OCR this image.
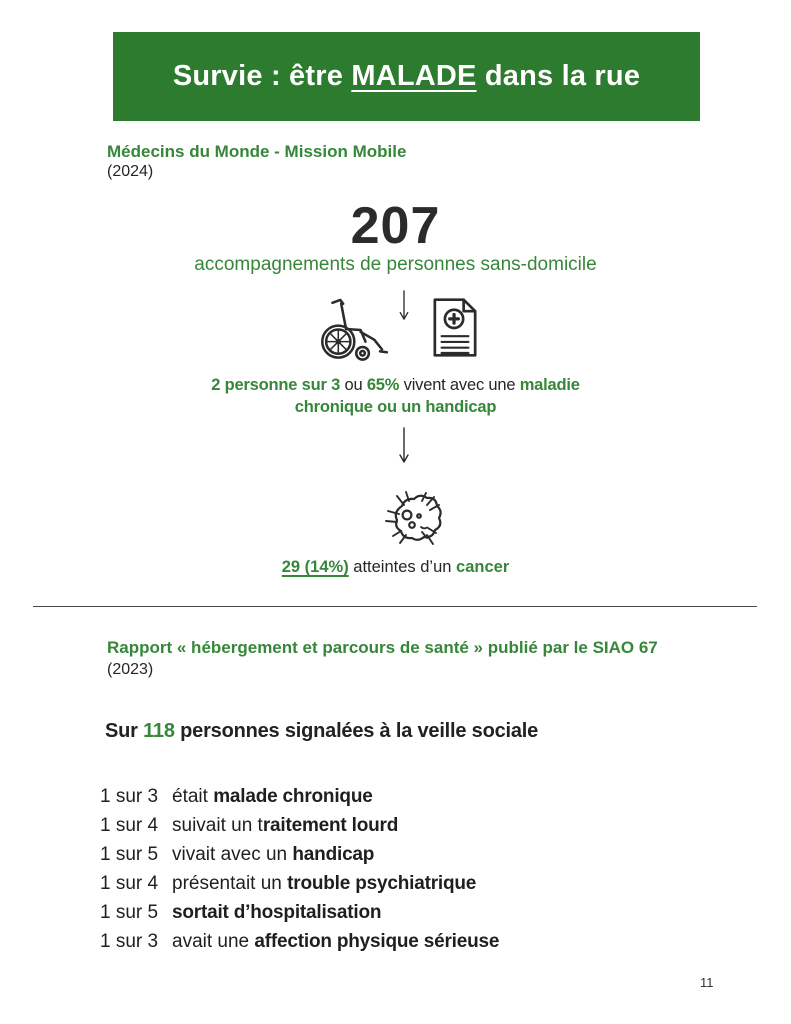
Survie : être MALADE dans la rue
Médecins du Monde - Mission Mobile
(2024)
207
accompagnements de personnes sans-domicile
2 personne sur 3 ou 65% vivent avec une maladie
chronique ou un handicap
29 (14%) atteintes d’un cancer
Rapport « hébergement et parcours de santé » publié par le SIAO 67
(2023)
Sur 118 personnes signalées à la veille sociale
1 sur 3 était malade chronique
1 sur 4 suivait un traitement lourd
1 sur 5 vivait avec un handicap
1 sur 4 présentait un trouble psychiatrique
1 sur 5 sortait d’hospitalisation
1 sur 3 avait une affection physique sérieuse
11
